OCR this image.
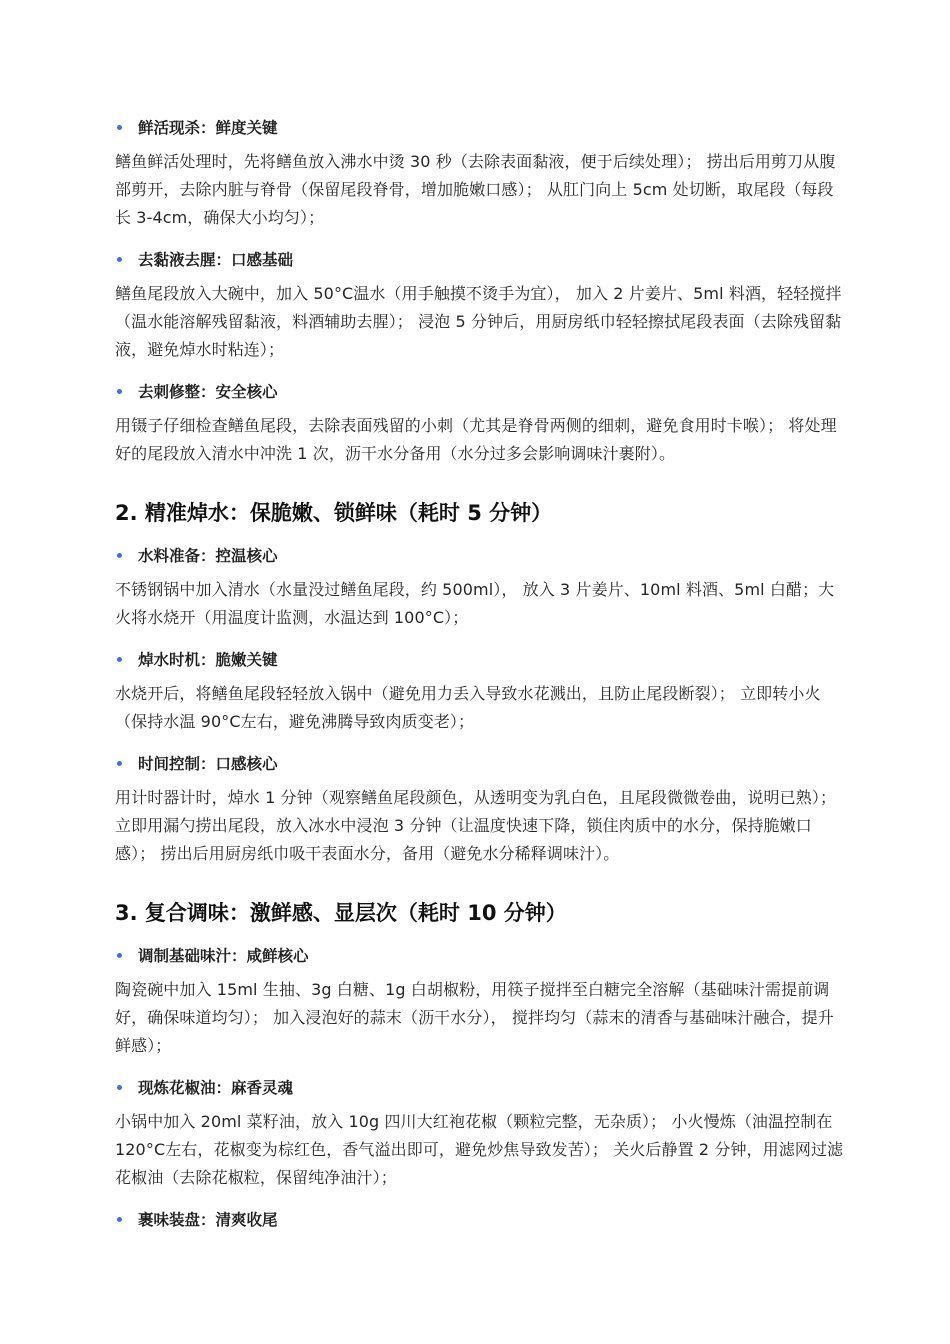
鲜活现杀：鲜度关键

鳝鱼鲜活处理时，先将鳝鱼放入沸水中烫 30 秒（去除表面黏液，便于后续处理）； 捞出后用剪刀从腹部剪开，去除内脏与脊骨（保留尾段脊骨，增加脆嫩口感）； 从肛门向上 5cm 处切断，取尾段（每段长 3-4cm，确保大小均匀）；

去黏液去腥：口感基础

鳝鱼尾段放入大碗中，加入 50°C温水（用手触摸不烫手为宜）， 加入 2 片姜片、5ml 料酒，轻轻搅拌（温水能溶解残留黏液，料酒辅助去腥）； 浸泡 5 分钟后，用厨房纸巾轻轻擦拭尾段表面（去除残留黏液，避免焯水时粘连）；

去刺修整：安全核心

用镊子仔细检查鳝鱼尾段，去除表面残留的小刺（尤其是脊骨两侧的细刺，避免食用时卡喉）； 将处理好的尾段放入清水中冲洗 1 次，沥干水分备用（水分过多会影响调味汁裹附）。

2. 精准焯水：保脆嫩、锁鲜味（耗时 5 分钟）
水料准备：控温核心

不锈钢锅中加入清水（水量没过鳝鱼尾段，约 500ml）， 放入 3 片姜片、10ml 料酒、5ml 白醋；大火将水烧开（用温度计监测，水温达到 100°C）；

焯水时机：脆嫩关键

水烧开后，将鳝鱼尾段轻轻放入锅中（避免用力丢入导致水花溅出，且防止尾段断裂）； 立即转小火（保持水温 90°C左右，避免沸腾导致肉质变老）；

时间控制：口感核心

用计时器计时，焯水 1 分钟（观察鳝鱼尾段颜色，从透明变为乳白色，且尾段微微卷曲，说明已熟）； 立即用漏勺捞出尾段，放入冰水中浸泡 3 分钟（让温度快速下降，锁住肉质中的水分，保持脆嫩口感）； 捞出后用厨房纸巾吸干表面水分，备用（避免水分稀释调味汁）。

3. 复合调味：激鲜感、显层次（耗时 10 分钟）
调制基础味汁：咸鲜核心

陶瓷碗中加入 15ml 生抽、3g 白糖、1g 白胡椒粉，用筷子搅拌至白糖完全溶解（基础味汁需提前调好，确保味道均匀）； 加入浸泡好的蒜末（沥干水分）， 搅拌均匀（蒜末的清香与基础味汁融合，提升鲜感）；

现炼花椒油：麻香灵魂

小锅中加入 20ml 菜籽油，放入 10g 四川大红袍花椒（颗粒完整，无杂质）； 小火慢炼（油温控制在 120°C左右，花椒变为棕红色，香气溢出即可，避免炒焦导致发苦）； 关火后静置 2 分钟，用滤网过滤花椒油（去除花椒粒，保留纯净油汁）；

裹味装盘：清爽收尾
